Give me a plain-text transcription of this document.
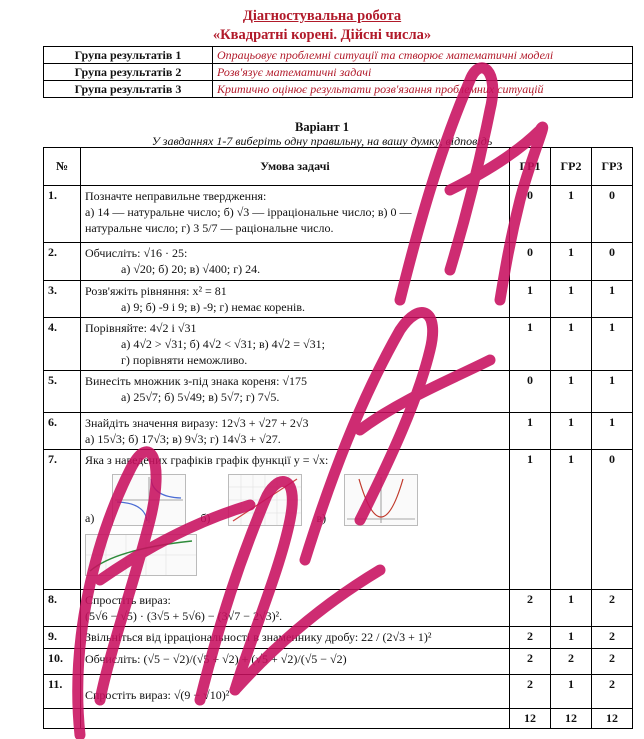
Діагностувальна робота
«Квадратні корені. Дійсні числа»
Група результатів 1	Опрацьовує проблемні ситуації та створює математичні моделі
Група результатів 2	Розв'язує математичні задачі
Група результатів 3	Критично оцінює результати розв'язання проблемних ситуацій
Варіант 1
У завданнях 1-7 виберіть одну правильну, на вашу думку, відповідь
№	Умова задачі	ГР1	ГР2	ГР3
1.	Позначте неправильне твердження:
а) 14 — натуральне число; б) √3 — ірраціональне число; в) 0 —
натуральне число; г) 3 5/7 — раціональне число.	0	1	0
2.	Обчисліть: √16 · 25:
а) √20; б) 20; в) √400; г) 24.	0	1	0
3.	Розв'яжіть рівняння: x² = 81
а) 9; б) -9 і 9; в) -9; г) немає коренів.	1	1	1
4.	Порівняйте: 4√2 і √31
а) 4√2 > √31; б) 4√2 < √31; в) 4√2 = √31;
г) порівняти неможливо.	1	1	1
5.	Винесіть множник з-під знака кореня: √175
а) 25√7; б) 5√49; в) 5√7; г) 7√5.	0	1	1
6.	Знайдіть значення виразу: 12√3 + √27 + 2√3
а) 15√3; б) 17√3; в) 9√3; г) 14√3 + √27.	1	1	1
7.	Яка з наведених графіків графік функції y = √x:
а) б) в)	1	1	0
8.	Спростіть вираз:
(5√6 − √5) · (3√5 + 5√6) − (3√7 − 2√3)².	2	1	2
9.	Звільніться від ірраціональності в знаменнику дробу: 22 / (2√3 + 1)²	2	1	2
10.	Обчисліть: (√5 − √2)/(√5 + √2) + (√5 + √2)/(√5 − √2)	2	2	2
11.	Спростіть вираз: √(9 − √10)²	2	1	2
		12	12	12
